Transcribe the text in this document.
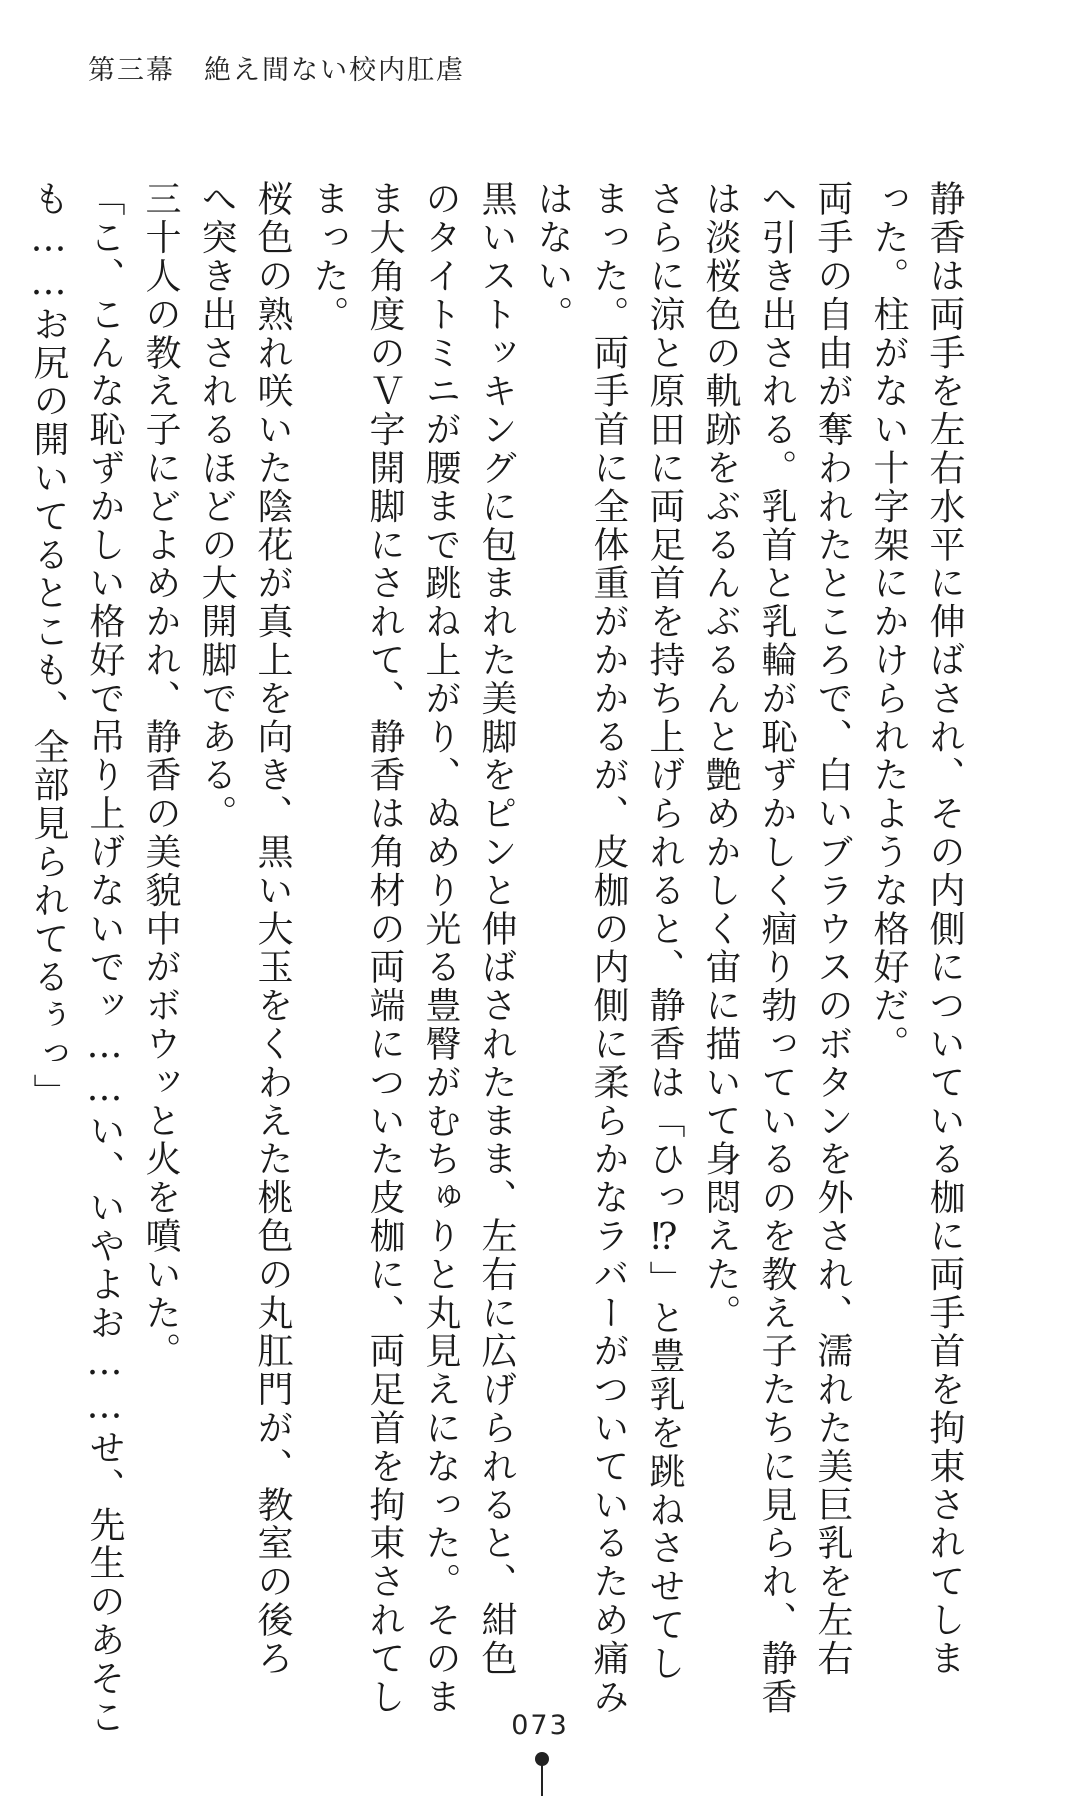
第三幕　絶え間ない校内肛虐

静香は両手を左右水平に伸ばされ、その内側についている枷に両手首を拘束されてしま

った。柱がない十字架にかけられたような格好だ。

両手の自由が奪われたところで、白いブラウスのボタンを外され、濡れた美巨乳を左右

へ引き出される。乳首と乳輪が恥ずかしく痼り勃っているのを教え子たちに見られ、静香

は淡桜色の軌跡をぶるんぶるんと艶めかしく宙に描いて身悶えた。

さらに涼と原田に両足首を持ち上げられると、静香は「ひっ⁉」と豊乳を跳ねさせてし

まった。両手首に全体重がかかるが、皮枷の内側に柔らかなラバーがついているため痛み

はない。

黒いストッキングに包まれた美脚をピンと伸ばされたまま、左右に広げられると、紺色

のタイトミニが腰まで跳ね上がり、ぬめり光る豊臀がむちゅりと丸見えになった。そのま

ま大角度のＶ字開脚にされて、静香は角材の両端についた皮枷に、両足首を拘束されてし

まった。

桜色の熟れ咲いた陰花が真上を向き、黒い大玉をくわえた桃色の丸肛門が、教室の後ろ

へ突き出されるほどの大開脚である。

三十人の教え子にどよめかれ、静香の美貌中がボウッと火を噴いた。

「こ、こんな恥ずかしい格好で吊り上げないでッ……い、いやよお……せ、先生のあそこ

も……お尻の開いてるとこも、全部見られてるぅっ」

073
